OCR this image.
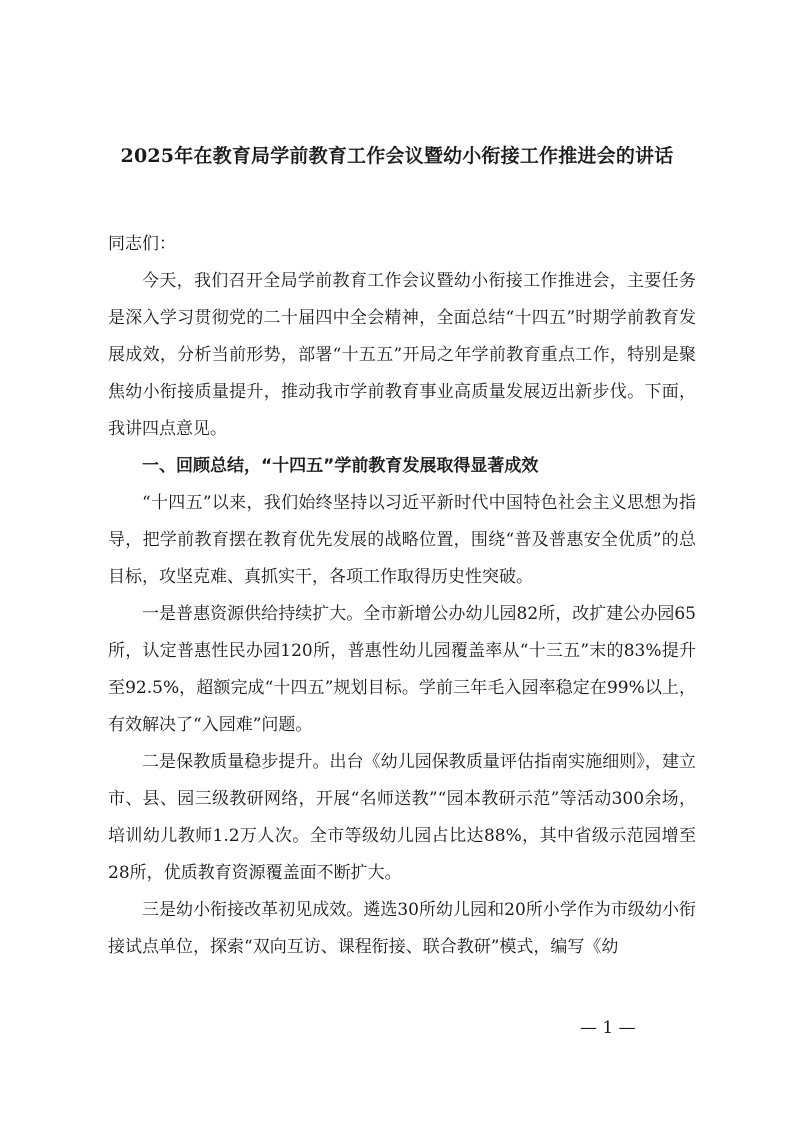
2025年在教育局学前教育工作会议暨幼小衔接工作推进会的讲话

同志们：

今天，我们召开全局学前教育工作会议暨幼小衔接工作推进会，主要任务是深入学习贯彻党的二十届四中全会精神，全面总结“十四五”时期学前教育发展成效，分析当前形势，部署“十五五”开局之年学前教育重点工作，特别是聚焦幼小衔接质量提升，推动我市学前教育事业高质量发展迈出新步伐。下面，我讲四点意见。

一、回顾总结，“十四五”学前教育发展取得显著成效

“十四五”以来，我们始终坚持以习近平新时代中国特色社会主义思想为指导，把学前教育摆在教育优先发展的战略位置，围绕“普及普惠安全优质”的总目标，攻坚克难、真抓实干，各项工作取得历史性突破。

一是普惠资源供给持续扩大。全市新增公办幼儿园82所，改扩建公办园65所，认定普惠性民办园120所，普惠性幼儿园覆盖率从“十三五”末的83%提升至92.5%，超额完成“十四五”规划目标。学前三年毛入园率稳定在99%以上，有效解决了“入园难”问题。

二是保教质量稳步提升。出台《幼儿园保教质量评估指南实施细则》，建立市、县、园三级教研网络，开展“名师送教”“园本教研示范”等活动300余场，培训幼儿教师1.2万人次。全市等级幼儿园占比达88%，其中省级示范园增至28所，优质教育资源覆盖面不断扩大。

三是幼小衔接改革初见成效。遴选30所幼儿园和20所小学作为市级幼小衔接试点单位，探索“双向互访、课程衔接、联合教研”模式，编写《幼

— 1 —
